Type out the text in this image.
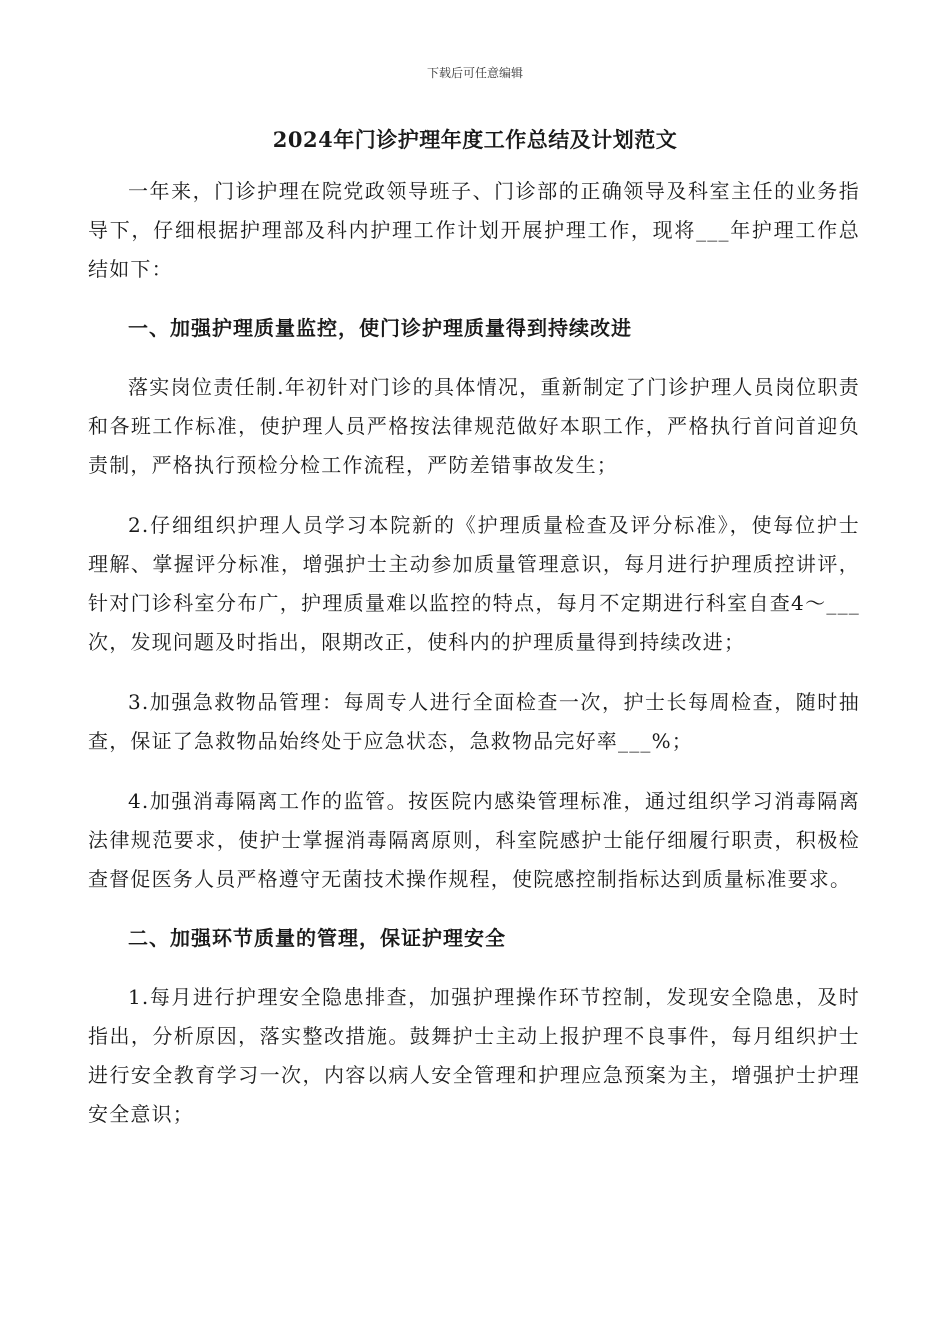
下载后可任意编辑
2024年门诊护理年度工作总结及计划范文

一年来，门诊护理在院党政领导班子、门诊部的正确领导及科室主任的业务指导下，仔细根据护理部及科内护理工作计划开展护理工作，现将___年护理工作总结如下：

一、加强护理质量监控，使门诊护理质量得到持续改进

落实岗位责任制.年初针对门诊的具体情况，重新制定了门诊护理人员岗位职责和各班工作标准，使护理人员严格按法律规范做好本职工作，严格执行首问首迎负责制，严格执行预检分检工作流程，严防差错事故发生；

2.仔细组织护理人员学习本院新的《护理质量检查及评分标准》，使每位护士理解、掌握评分标准，增强护士主动参加质量管理意识，每月进行护理质控讲评，针对门诊科室分布广，护理质量难以监控的特点，每月不定期进行科室自查4～___次，发现问题及时指出，限期改正，使科内的护理质量得到持续改进；

3.加强急救物品管理：每周专人进行全面检查一次，护士长每周检查，随时抽查，保证了急救物品始终处于应急状态，急救物品完好率___%；

4.加强消毒隔离工作的监管。按医院内感染管理标准，通过组织学习消毒隔离法律规范要求，使护士掌握消毒隔离原则，科室院感护士能仔细履行职责，积极检查督促医务人员严格遵守无菌技术操作规程，使院感控制指标达到质量标准要求。

二、加强环节质量的管理，保证护理安全

1.每月进行护理安全隐患排查，加强护理操作环节控制，发现安全隐患，及时指出，分析原因，落实整改措施。鼓舞护士主动上报护理不良事件，每月组织护士进行安全教育学习一次，内容以病人安全管理和护理应急预案为主，增强护士护理安全意识；
